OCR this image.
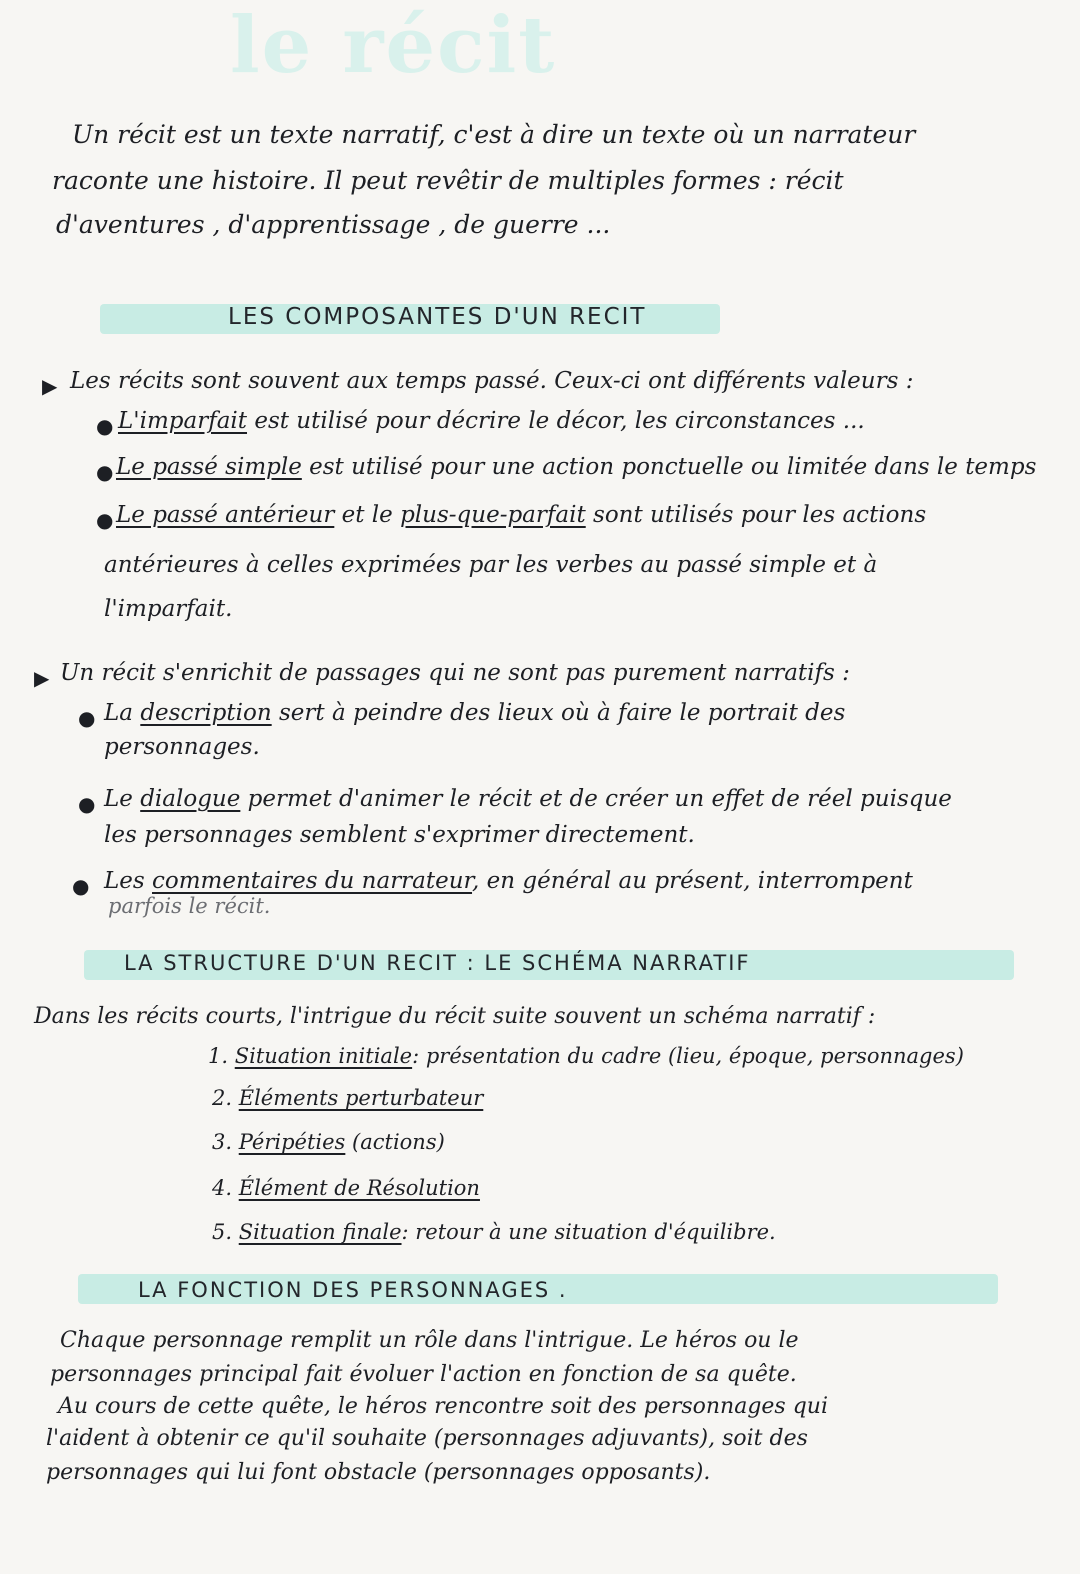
le récit
Un récit est un texte narratif, c'est à dire un texte où un narrateur
raconte une histoire. Il peut revêtir de multiples formes : récit
d'aventures , d'apprentissage , de guerre ...
LES COMPOSANTES D'UN RECIT
▶ Les récits sont souvent aux temps passé. Ceux-ci ont différents valeurs :
● L'imparfait est utilisé pour décrire le décor, les circonstances ...
● Le passé simple est utilisé pour une action ponctuelle ou limitée dans le temps
● Le passé antérieur et le plus-que-parfait sont utilisés pour les actions
antérieures à celles exprimées par les verbes au passé simple et à
l'imparfait.
▶ Un récit s'enrichit de passages qui ne sont pas purement narratifs :
● La description sert à peindre des lieux où à faire le portrait des
personnages.
● Le dialogue permet d'animer le récit et de créer un effet de réel puisque
les personnages semblent s'exprimer directement.
● Les commentaires du narrateur, en général au présent, interrompent
parfois le récit.
LA STRUCTURE D'UN RECIT : LE SCHÉMA NARRATIF
Dans les récits courts, l'intrigue du récit suite souvent un schéma narratif :
1. Situation initiale: présentation du cadre (lieu, époque, personnages)
2. Éléments perturbateur
3. Péripéties (actions)
4. Élément de Résolution
5. Situation finale: retour à une situation d'équilibre.
LA FONCTION DES PERSONNAGES .
Chaque personnage remplit un rôle dans l'intrigue. Le héros ou le
personnages principal fait évoluer l'action en fonction de sa quête.
Au cours de cette quête, le héros rencontre soit des personnages qui
l'aident à obtenir ce qu'il souhaite (personnages adjuvants), soit des
personnages qui lui font obstacle (personnages opposants).
